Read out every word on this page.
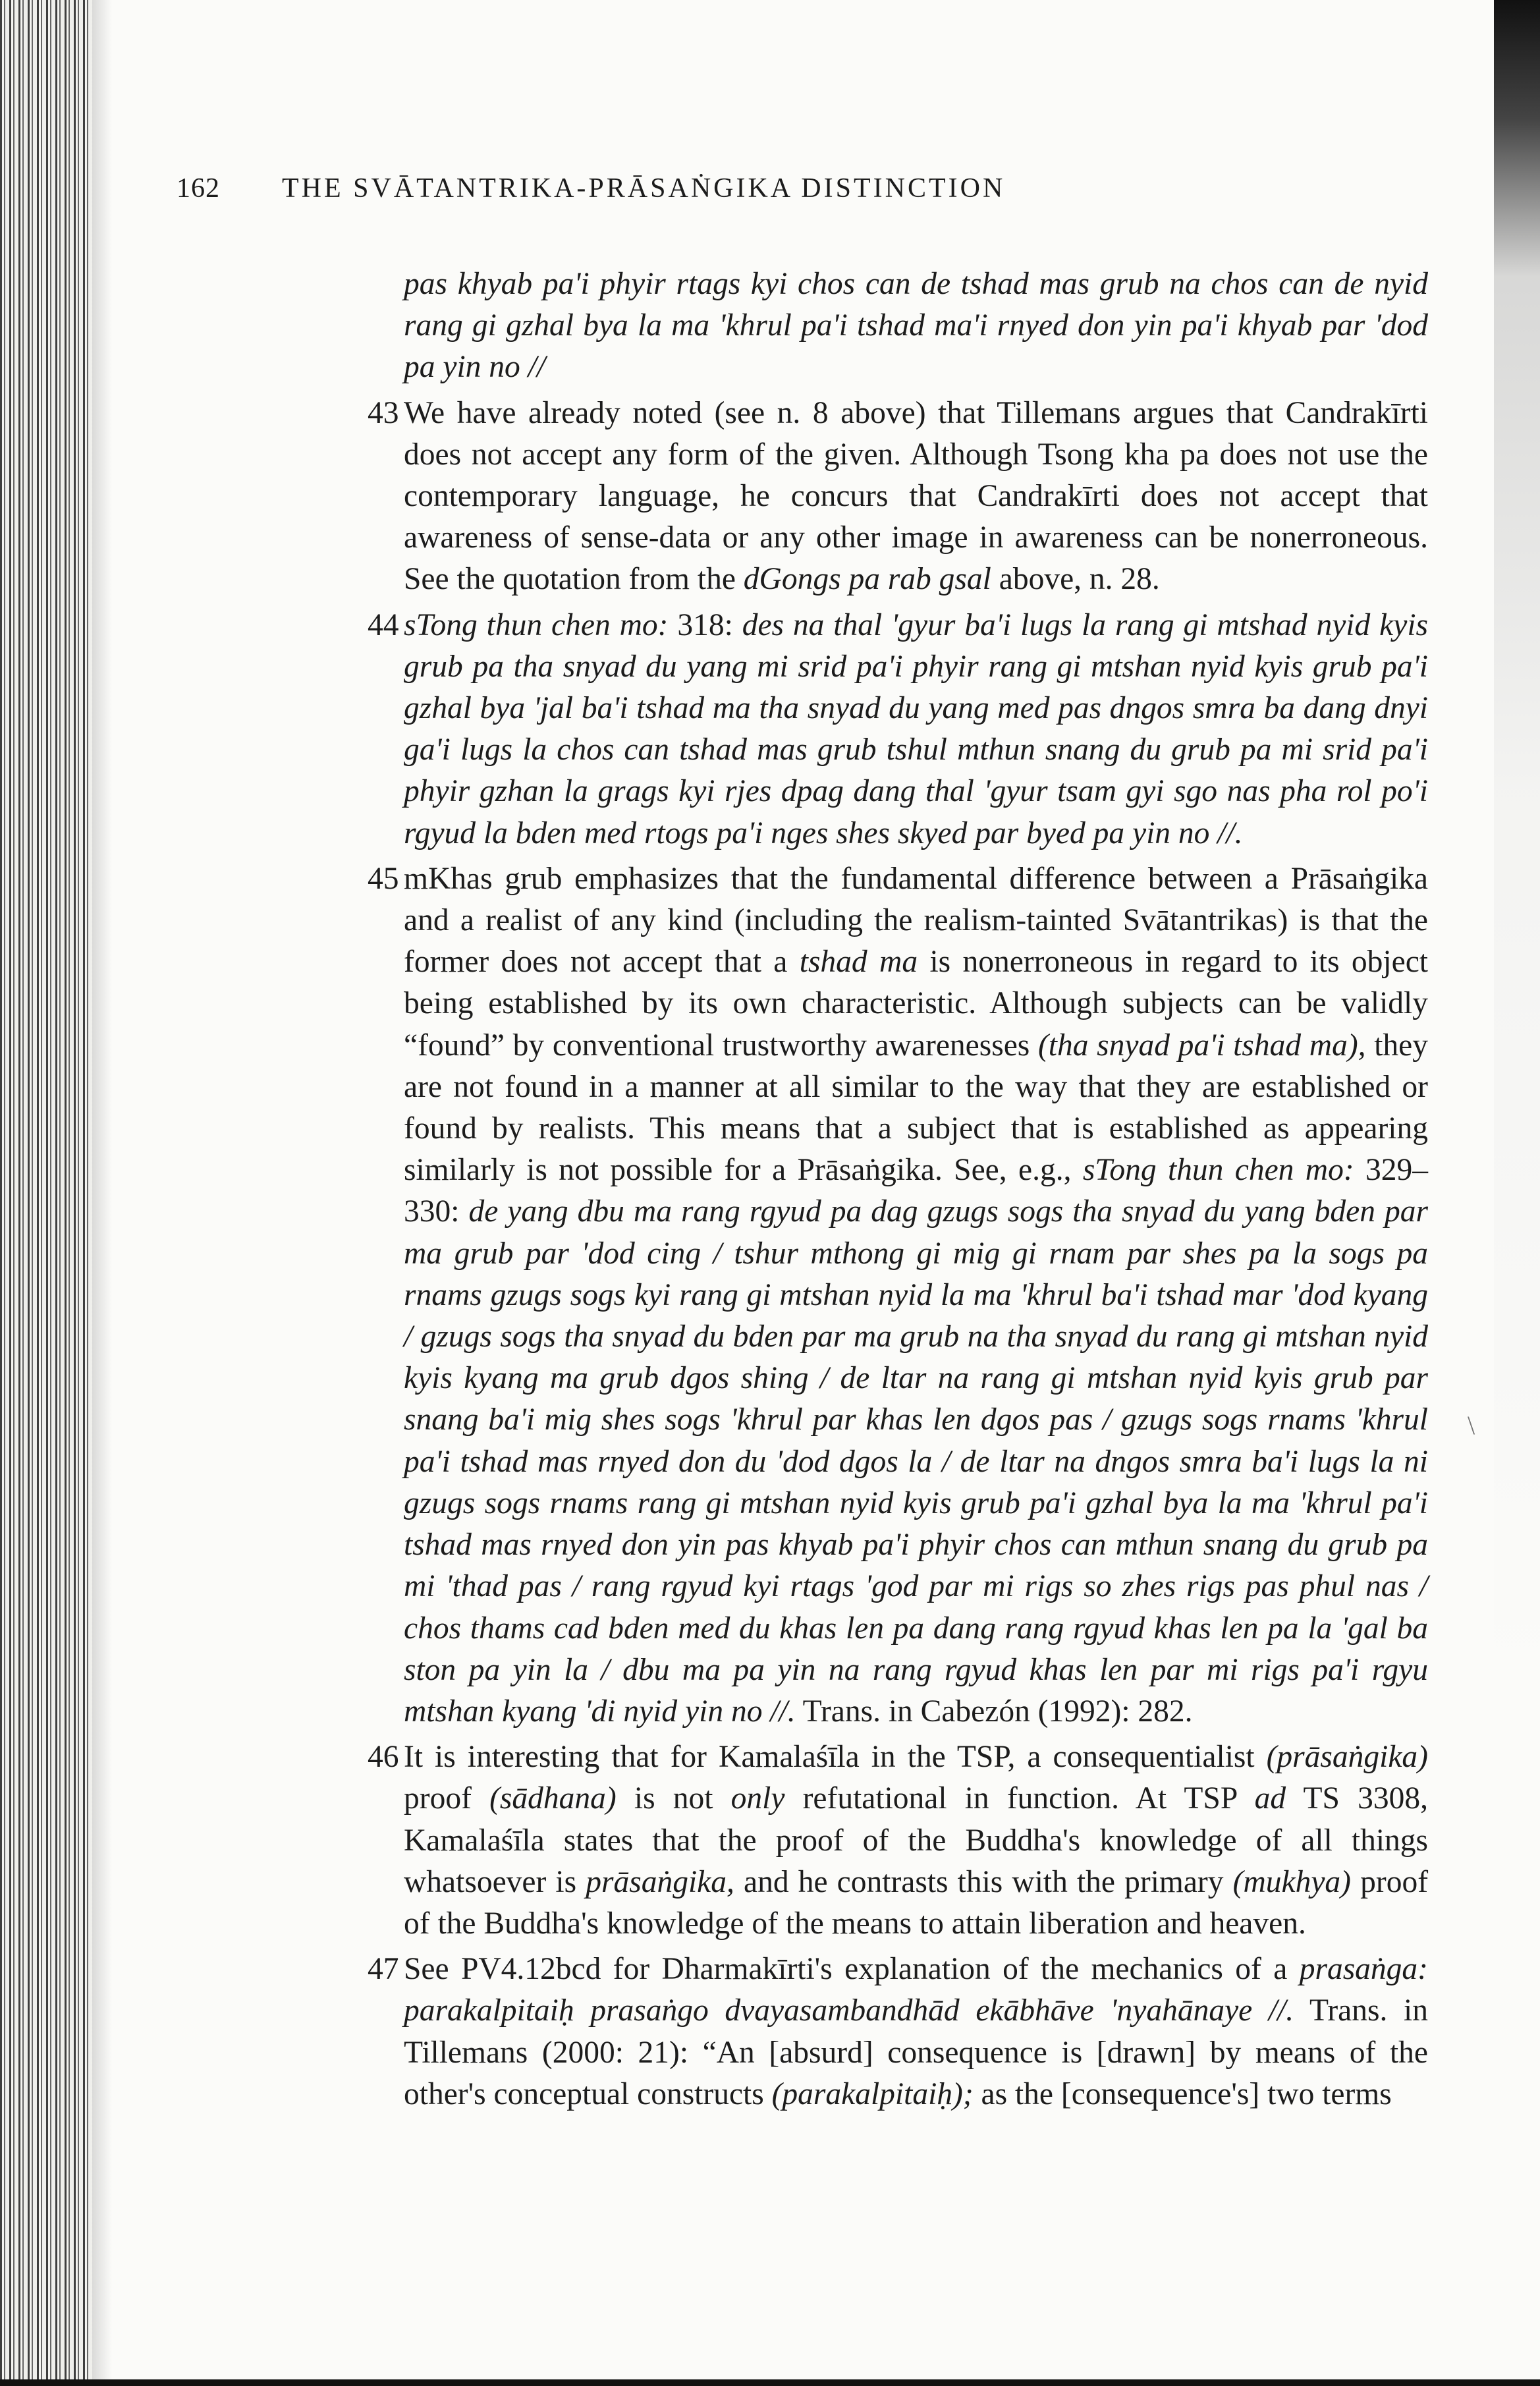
162 THE SVĀTANTRIKA-PRĀSAṄGIKA DISTINCTION

pas khyab pa'i phyir rtags kyi chos can de tshad mas grub na chos can de nyid rang gi gzhal bya la ma 'khrul pa'i tshad ma'i rnyed don yin pa'i khyab par 'dod pa yin no //

43 We have already noted (see n. 8 above) that Tillemans argues that Candrakīrti does not accept any form of the given. Although Tsong kha pa does not use the contemporary language, he concurs that Candrakīrti does not accept that awareness of sense-data or any other image in awareness can be nonerroneous. See the quotation from the dGongs pa rab gsal above, n. 28.

44 sTong thun chen mo: 318: des na thal 'gyur ba'i lugs la rang gi mtshad nyid kyis grub pa tha snyad du yang mi srid pa'i phyir rang gi mtshan nyid kyis grub pa'i gzhal bya 'jal ba'i tshad ma tha snyad du yang med pas dngos smra ba dang dnyi ga'i lugs la chos can tshad mas grub tshul mthun snang du grub pa mi srid pa'i phyir gzhan la grags kyi rjes dpag dang thal 'gyur tsam gyi sgo nas pha rol po'i rgyud la bden med rtogs pa'i nges shes skyed par byed pa yin no //.

45 mKhas grub emphasizes that the fundamental difference between a Prāsaṅgika and a realist of any kind (including the realism-tainted Svātantrikas) is that the former does not accept that a tshad ma is nonerroneous in regard to its object being established by its own characteristic. Although subjects can be validly “found” by conventional trustworthy awarenesses (tha snyad pa'i tshad ma), they are not found in a manner at all similar to the way that they are established or found by realists. This means that a subject that is established as appearing similarly is not possible for a Prāsaṅgika. See, e.g., sTong thun chen mo: 329–330: de yang dbu ma rang rgyud pa dag gzugs sogs tha snyad du yang bden par ma grub par 'dod cing / tshur mthong gi mig gi rnam par shes pa la sogs pa rnams gzugs sogs kyi rang gi mtshan nyid la ma 'khrul ba'i tshad mar 'dod kyang / gzugs sogs tha snyad du bden par ma grub na tha snyad du rang gi mtshan nyid kyis kyang ma grub dgos shing / de ltar na rang gi mtshan nyid kyis grub par snang ba'i mig shes sogs 'khrul par khas len dgos pas / gzugs sogs rnams 'khrul pa'i tshad mas rnyed don du 'dod dgos la / de ltar na dngos smra ba'i lugs la ni gzugs sogs rnams rang gi mtshan nyid kyis grub pa'i gzhal bya la ma 'khrul pa'i tshad mas rnyed don yin pas khyab pa'i phyir chos can mthun snang du grub pa mi 'thad pas / rang rgyud kyi rtags 'god par mi rigs so zhes rigs pas phul nas / chos thams cad bden med du khas len pa dang rang rgyud khas len pa la 'gal ba ston pa yin la / dbu ma pa yin na rang rgyud khas len par mi rigs pa'i rgyu mtshan kyang 'di nyid yin no //. Trans. in Cabezón (1992): 282.

46 It is interesting that for Kamalaśīla in the TSP, a consequentialist (prāsaṅgika) proof (sādhana) is not only refutational in function. At TSP ad TS 3308, Kamalaśīla states that the proof of the Buddha's knowledge of all things whatsoever is prāsaṅgika, and he contrasts this with the primary (mukhya) proof of the Buddha's knowledge of the means to attain liberation and heaven.

47 See PV4.12bcd for Dharmakīrti's explanation of the mechanics of a prasaṅga: parakalpitaiḥ prasaṅgo dvayasambandhād ekābhāve 'nyahānaye //. Trans. in Tillemans (2000: 21): “An [absurd] consequence is [drawn] by means of the other's conceptual constructs (parakalpitaiḥ); as the [consequence's] two terms

\
